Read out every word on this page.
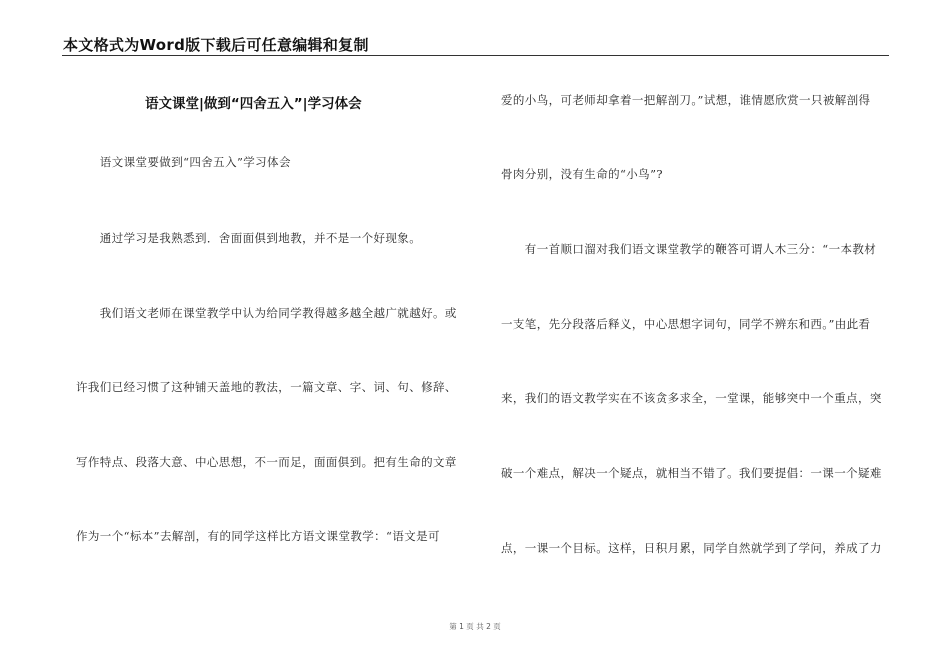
本文格式为Word版下载后可任意编辑和复制
语文课堂|做到“四舍五入”|学习体会
　　语文课堂要做到“四舍五入”学习体会
　　通过学习是我熟悉到．舍面面俱到地教，并不是一个好现象。
　　我们语文老师在课堂教学中认为给同学教得越多越全越广就越好。或
许我们已经习惯了这种铺天盖地的教法，一篇文章、字、词、句、修辞、
写作特点、段落大意、中心思想，不一而足，面面俱到。把有生命的文章
作为一个“标本”去解剖，有的同学这样比方语文课堂教学：“语文是可
爱的小鸟，可老师却拿着一把解剖刀。”试想，谁情愿欣赏一只被解剖得
骨肉分别，没有生命的“小鸟”?
　　有一首顺口溜对我们语文课堂教学的鞭答可谓人木三分：“一本教材
一支笔，先分段落后释义，中心思想字词句，同学不辨东和西。”由此看
来，我们的语文教学实在不该贪多求全，一堂课，能够突中一个重点，突
破一个难点，解决一个疑点，就相当不错了。我们要提倡：一课一个疑难
点，一课一个目标。这样，日积月累，同学自然就学到了学问，养成了力
第 1 页 共 2 页
